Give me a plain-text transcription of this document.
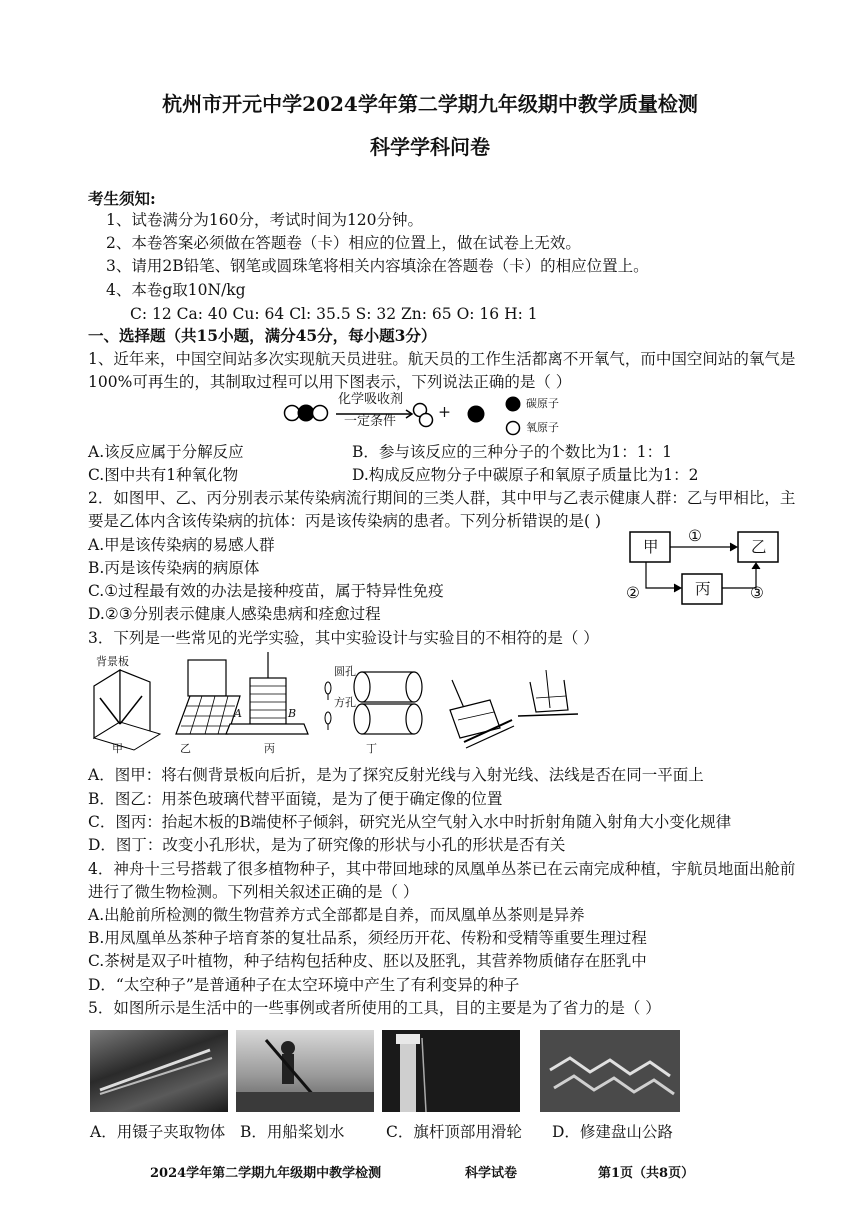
杭州市开元中学2024学年第二学期九年级期中教学质量检测
科学学科问卷
考生须知:
1、试卷满分为160分，考试时间为120分钟。
2、本卷答案必须做在答题卷（卡）相应的位置上，做在试卷上无效。
3、请用2B铅笔、钢笔或圆珠笔将相关内容填涂在答题卷（卡）的相应位置上。
4、本卷g取10N/kg
C: 12 Ca: 40 Cu: 64 Cl: 35.5 S: 32 Zn: 65 O: 16 H: 1
一、选择题（共15小题，满分45分，每小题3分）
1、近年来，中国空间站多次实现航天员进驻。航天员的工作生活都离不开氧气，而中国空间站的氧气是
100%可再生的，其制取过程可以用下图表示，下列说法正确的是（ ）
化学吸收剂
一定条件
+	碳原子
氧原子
A.该反应属于分解反应	B．参与该反应的三种分子的个数比为1：1：1
C.图中共有1种氧化物	D.构成反应物分子中碳原子和氧原子质量比为1：2
2．如图甲、乙、丙分别表示某传染病流行期间的三类人群，其中甲与乙表示健康人群：乙与甲相比，主
要是乙体内含该传染病的抗体：丙是该传染病的患者。下列分析错误的是( )
A.甲是该传染病的易感人群
B.丙是该传染病的病原体
C.①过程最有效的办法是接种疫苗，属于特异性免疫
D.②③分别表示健康人感染患病和痊愈过程
甲	乙
丙
①
②	③
3．下列是一些常见的光学实验，其中实验设计与实验目的不相符的是（ ）
背景板
圆孔
方孔
A	B
甲	乙	丙	丁
A．图甲：将右侧背景板向后折，是为了探究反射光线与入射光线、法线是否在同一平面上
B．图乙：用茶色玻璃代替平面镜，是为了便于确定像的位置
C．图丙：抬起木板的B端使杯子倾斜，研究光从空气射入水中时折射角随入射角大小变化规律
D．图丁：改变小孔形状，是为了研究像的形状与小孔的形状是否有关
4．神舟十三号搭载了很多植物种子，其中带回地球的凤凰单丛茶已在云南完成种植，宇航员地面出舱前
进行了微生物检测。下列相关叙述正确的是（ ）
A.出舱前所检测的微生物营养方式全部都是自养，而凤凰单丛茶则是异养
B.用凤凰单丛茶种子培育茶的复壮品系，须经历开花、传粉和受精等重要生理过程
C.茶树是双子叶植物，种子结构包括种皮、胚以及胚乳，其营养物质储存在胚乳中
D．“太空种子”是普通种子在太空环境中产生了有利变异的种子
5．如图所示是生活中的一些事例或者所使用的工具，目的主要是为了省力的是（ ）
A．用镊子夹取物体 B．用船桨划水	C．旗杆顶部用滑轮 D．修建盘山公路
2024学年第二学期九年级期中教学检测	科学试卷	第1页（共8页）
